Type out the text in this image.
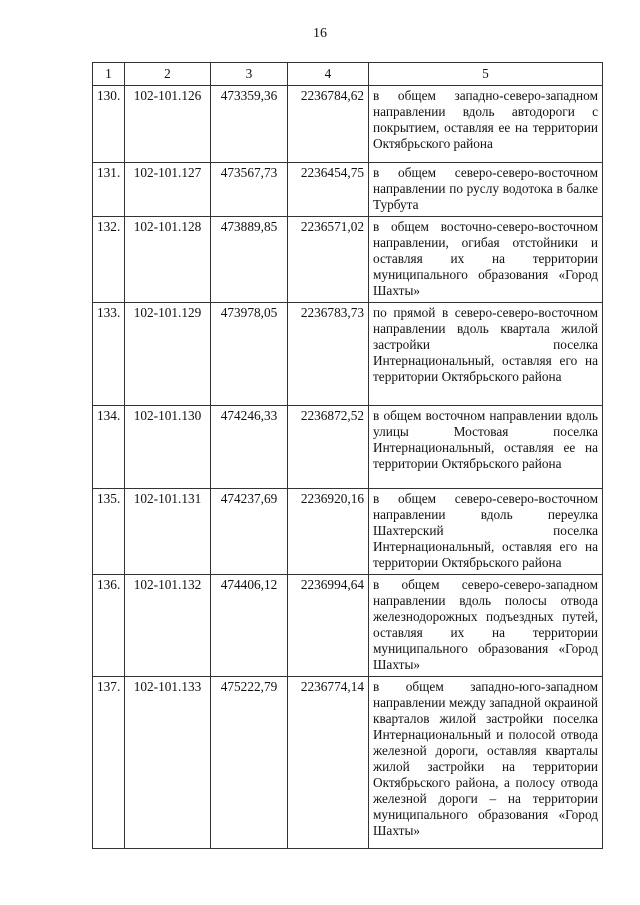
16
1	2	3	4	5
130.	102-101.126	473359,36	2236784,62	в общем западно-северо-западном направлении вдоль автодороги с покрытием, оставляя ее на территории Октябрьского района
131.	102-101.127	473567,73	2236454,75	в общем северо-северо-восточном направлении по руслу водотока в балке Турбута
132.	102-101.128	473889,85	2236571,02	в общем восточно-северо-восточном направлении, огибая отстойники и оставляя их на территории муниципального образования «Город Шахты»
133.	102-101.129	473978,05	2236783,73	по прямой в северо-северо-восточном направлении вдоль квартала жилой застройки поселка Интернациональный, оставляя его на территории Октябрьского района
134.	102-101.130	474246,33	2236872,52	в общем восточном направлении вдоль улицы Мостовая поселка Интернациональный, оставляя ее на территории Октябрьского района
135.	102-101.131	474237,69	2236920,16	в общем северо-северо-восточном направлении вдоль переулка Шахтерский поселка Интернациональный, оставляя его на территории Октябрьского района
136.	102-101.132	474406,12	2236994,64	в общем северо-северо-западном направлении вдоль полосы отвода железнодорожных подъездных путей, оставляя их на территории муниципального образования «Город Шахты»
137.	102-101.133	475222,79	2236774,14	в общем западно-юго-западном направлении между западной окраиной кварталов жилой застройки поселка Интернациональный и полосой отвода железной дороги, оставляя кварталы жилой застройки на территории Октябрьского района, а полосу отвода железной дороги – на территории муниципального образования «Город Шахты»
